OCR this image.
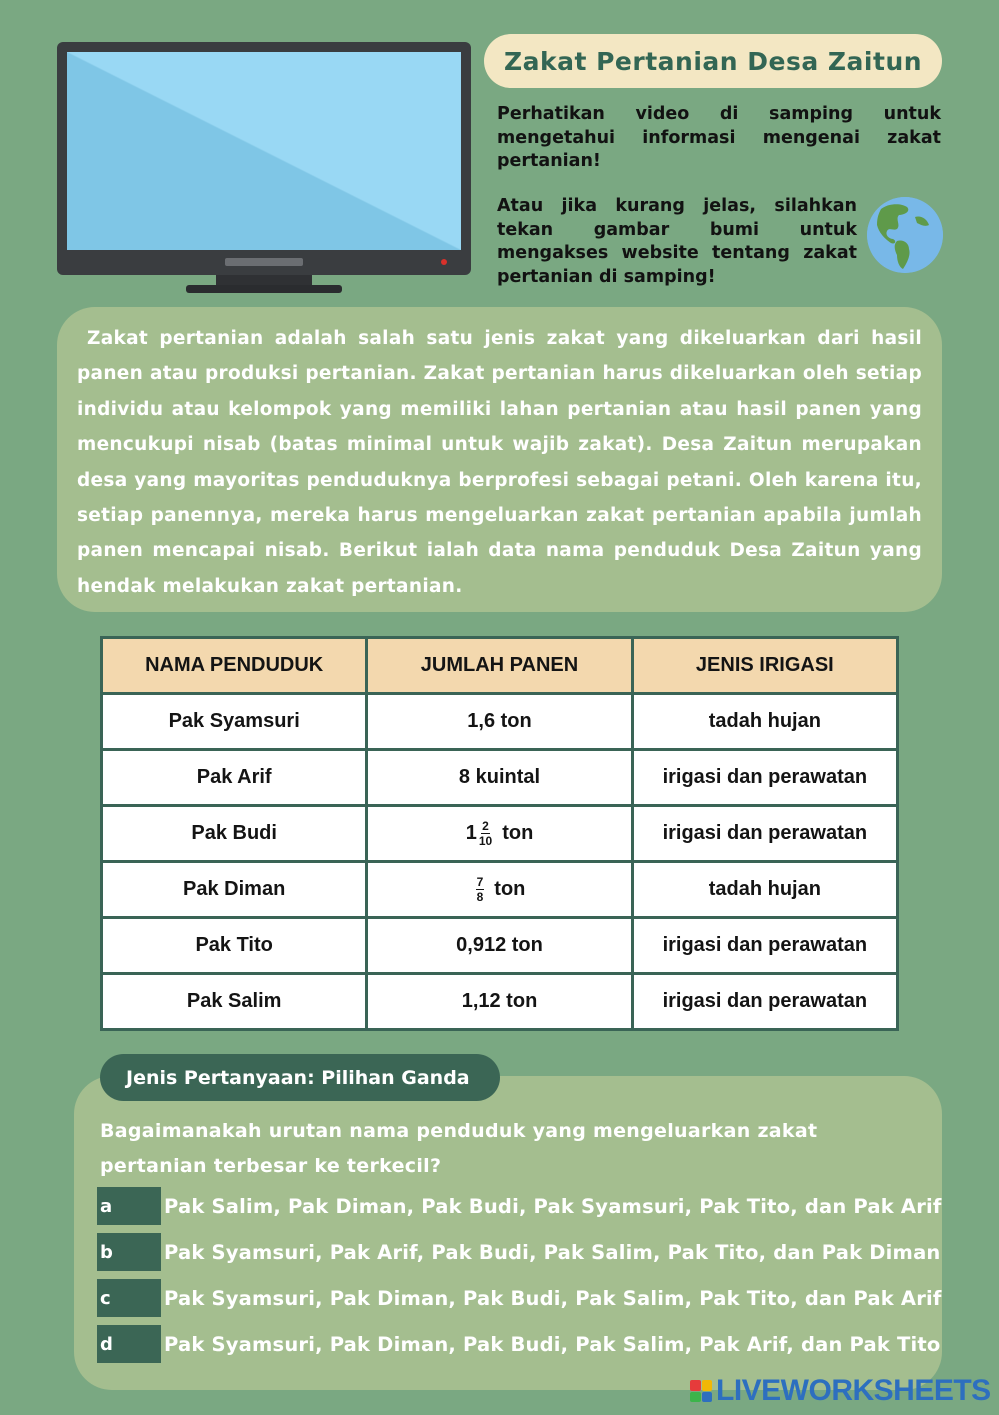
Zakat Pertanian Desa Zaitun
Perhatikan video di samping untuk mengetahui informasi mengenai zakat pertanian!
Atau jika kurang jelas, silahkan tekan gambar bumi untuk mengakses website tentang zakat pertanian di samping!
Zakat pertanian adalah salah satu jenis zakat yang dikeluarkan dari hasil panen atau produksi pertanian. Zakat pertanian harus dikeluarkan oleh setiap individu atau kelompok yang memiliki lahan pertanian atau hasil panen yang mencukupi nisab (batas minimal untuk wajib zakat). Desa Zaitun merupakan desa yang mayoritas penduduknya berprofesi sebagai petani. Oleh karena itu, setiap panennya, mereka harus mengeluarkan zakat pertanian apabila jumlah panen mencapai nisab. Berikut ialah data nama penduduk Desa Zaitun yang hendak melakukan zakat pertanian.
NAMA PENDUDUK	JUMLAH PANEN	JENIS IRIGASI
Pak Syamsuri	1,6 ton	tadah hujan
Pak Arif	8 kuintal	irigasi dan perawatan
Pak Budi	$1 \frac{2}{10}$ ton	irigasi dan perawatan
Pak Diman	$\frac{7}{8}$ ton	tadah hujan
Pak Tito	0,912 ton	irigasi dan perawatan
Pak Salim	1,12 ton	irigasi dan perawatan
Jenis Pertanyaan: Pilihan Ganda
Bagaimanakah urutan nama penduduk yang mengeluarkan zakat pertanian terbesar ke terkecil?
a	Pak Salim, Pak Diman, Pak Budi, Pak Syamsuri, Pak Tito, dan Pak Arif
b	Pak Syamsuri, Pak Arif, Pak Budi, Pak Salim, Pak Tito, dan Pak Diman
c	Pak Syamsuri, Pak Diman, Pak Budi, Pak Salim, Pak Tito, dan Pak Arif
d	Pak Syamsuri, Pak Diman, Pak Budi, Pak Salim, Pak Arif, dan Pak Tito
LIVEWORKSHEETS
